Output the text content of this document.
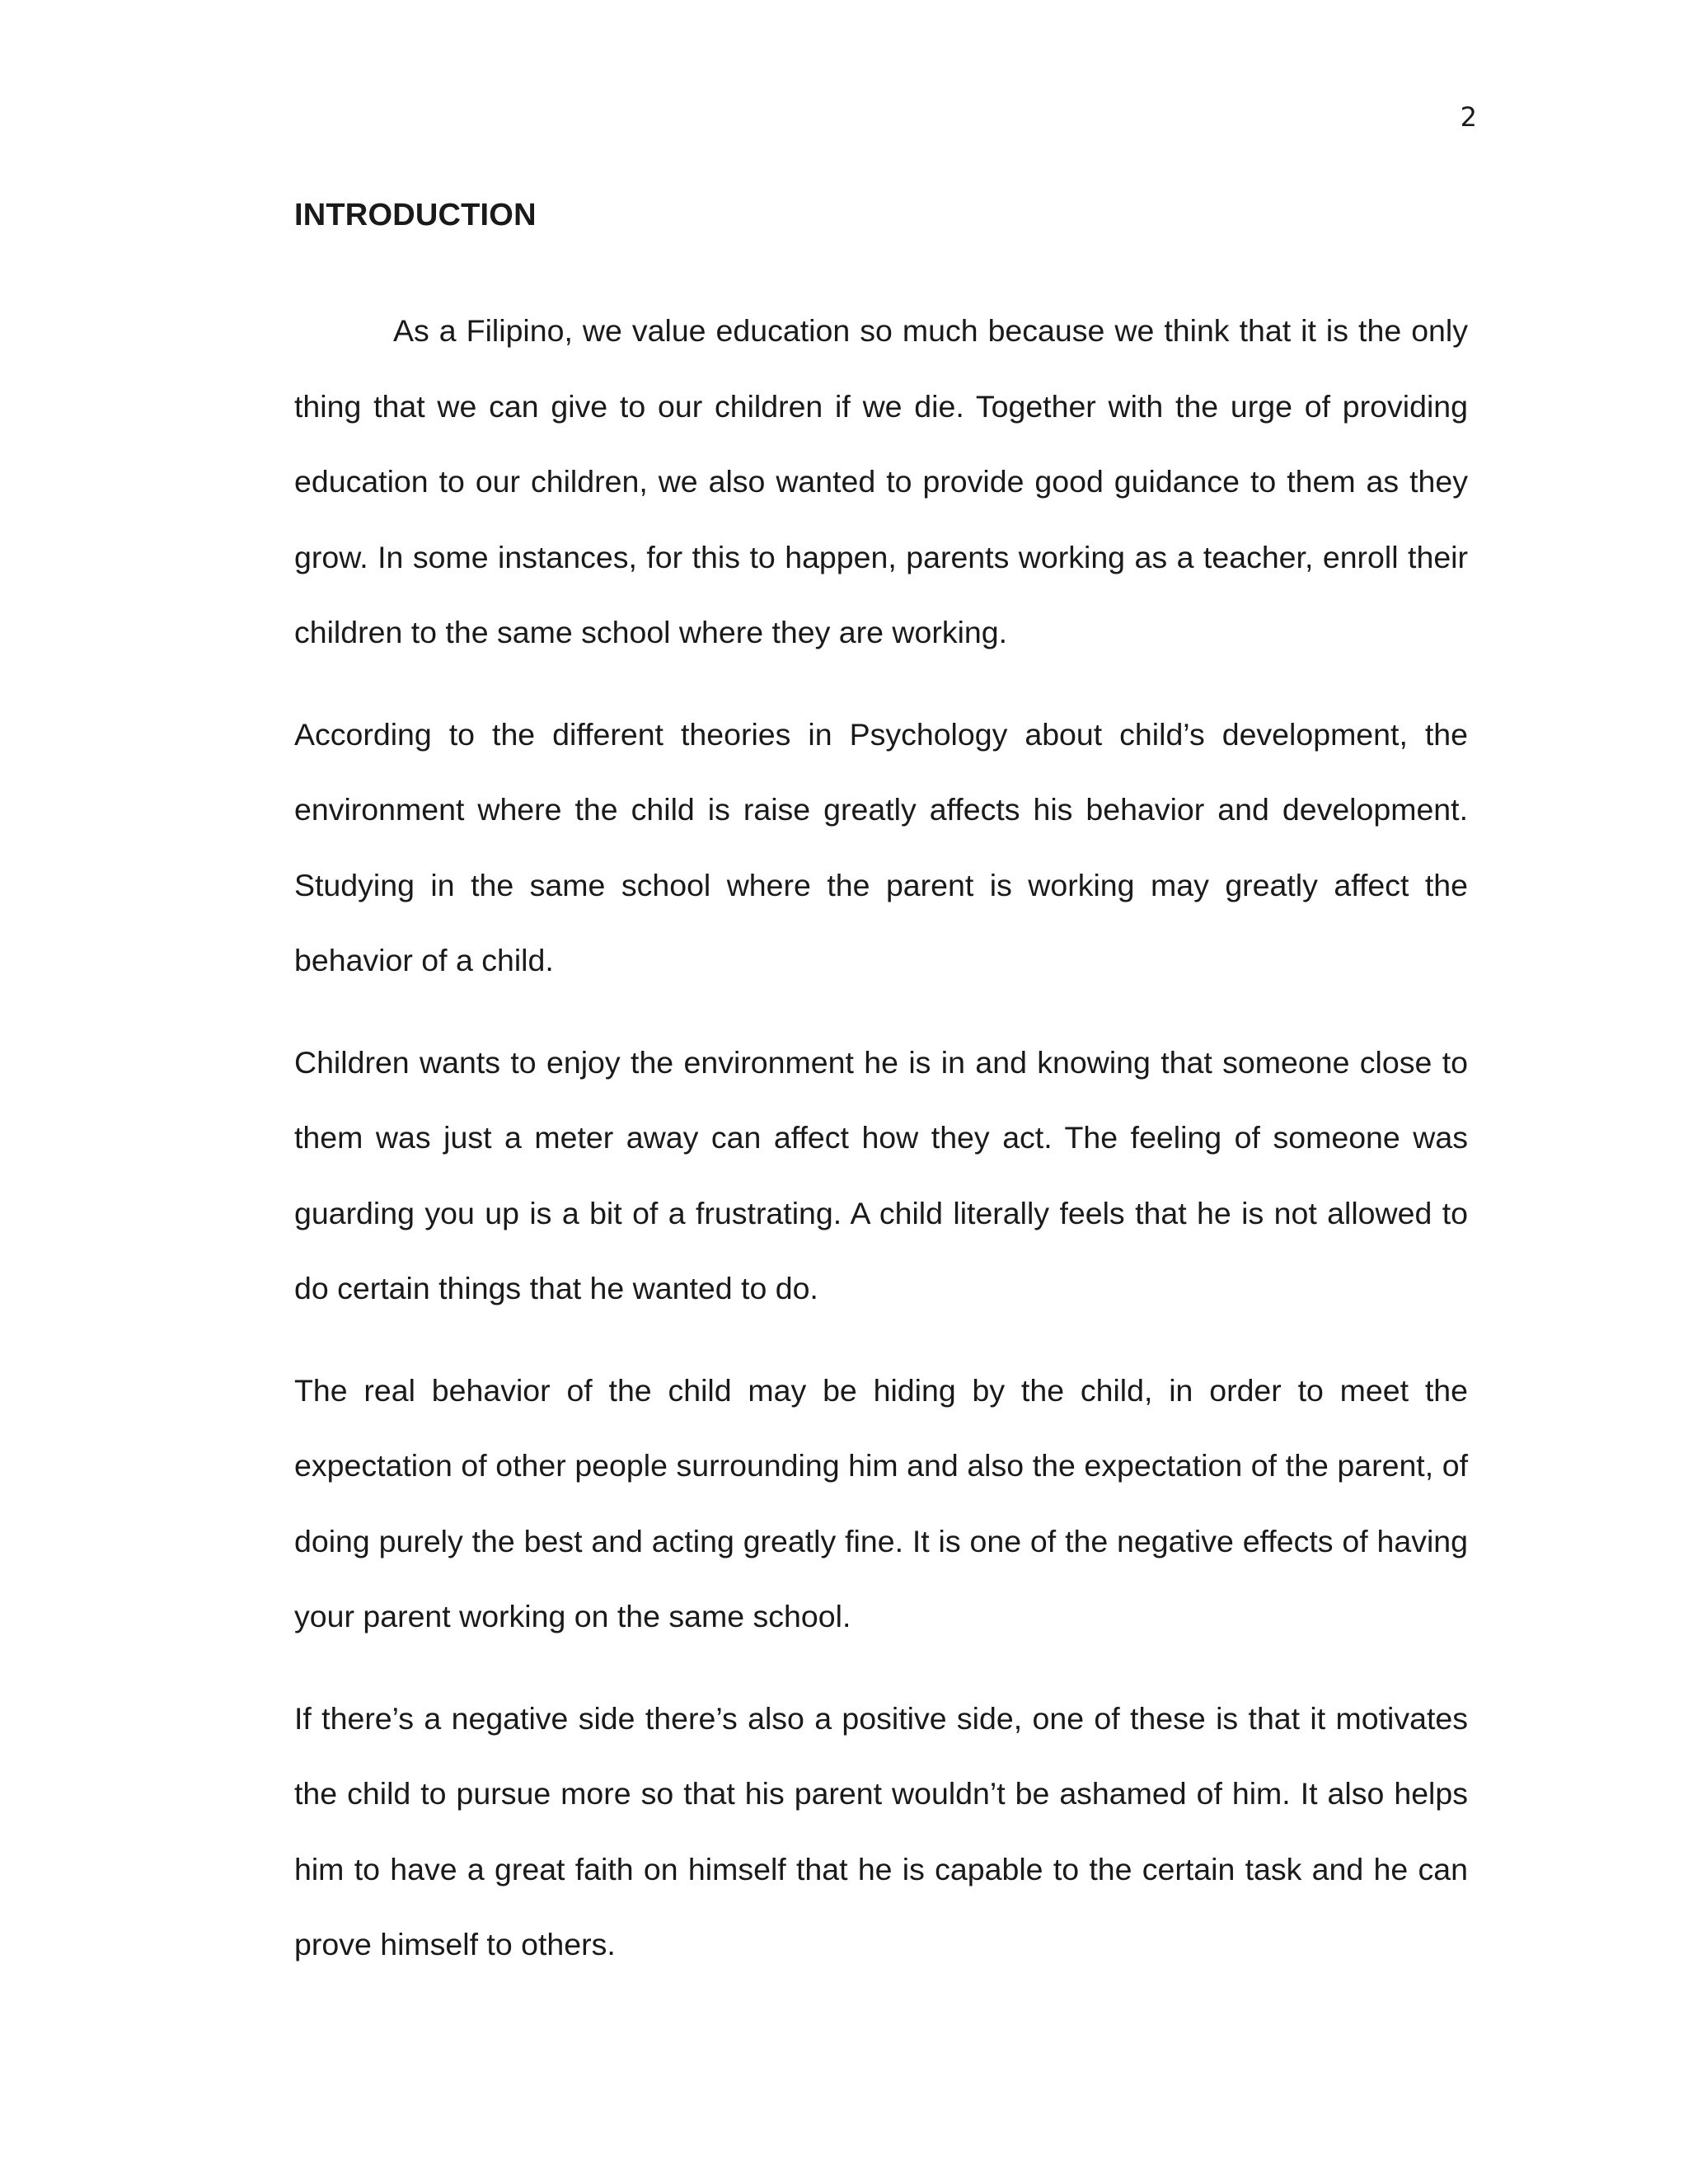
2
INTRODUCTION

As a Filipino, we value education so much because we think that it is the only thing that we can give to our children if we die. Together with the urge of providing education to our children, we also wanted to provide good guidance to them as they grow. In some instances, for this to happen, parents working as a teacher, enroll their children to the same school where they are working.

According to the different theories in Psychology about child’s development, the environment where the child is raise greatly affects his behavior and development. Studying in the same school where the parent is working may greatly affect the behavior of a child.

Children wants to enjoy the environment he is in and knowing that someone close to them was just a meter away can affect how they act. The feeling of someone was guarding you up is a bit of a frustrating. A child literally feels that he is not allowed to do certain things that he wanted to do.

The real behavior of the child may be hiding by the child, in order to meet the expectation of other people surrounding him and also the expectation of the parent, of doing purely the best and acting greatly fine. It is one of the negative effects of having your parent working on the same school.

If there’s a negative side there’s also a positive side, one of these is that it motivates the child to pursue more so that his parent wouldn’t be ashamed of him. It also helps him to have a great faith on himself that he is capable to the certain task and he can prove himself to others.
